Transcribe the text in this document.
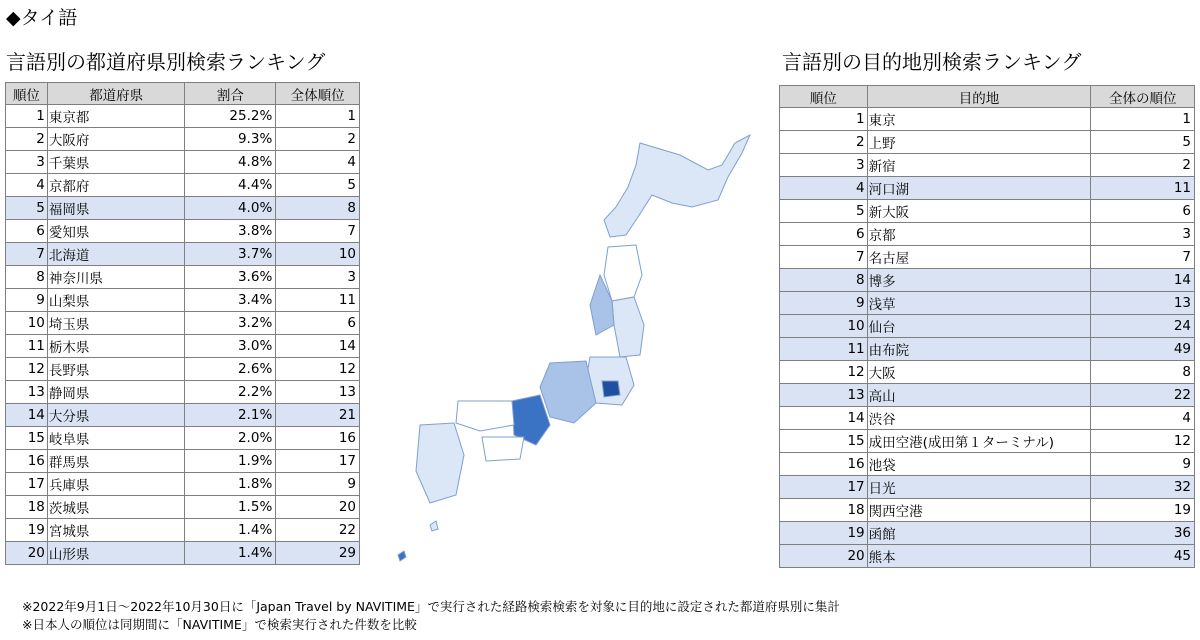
◆タイ語
言語別の都道府県別検索ランキング	言語別の目的地別検索ランキング
順位	都道府県	割合	全体順位
1	東京都	25.2%	1
2	大阪府	9.3%	2
3	千葉県	4.8%	4
4	京都府	4.4%	5
5	福岡県	4.0%	8
6	愛知県	3.8%	7
7	北海道	3.7%	10
8	神奈川県	3.6%	3
9	山梨県	3.4%	11
10	埼玉県	3.2%	6
11	栃木県	3.0%	14
12	長野県	2.6%	12
13	静岡県	2.2%	13
14	大分県	2.1%	21
15	岐阜県	2.0%	16
16	群馬県	1.9%	17
17	兵庫県	1.8%	9
18	茨城県	1.5%	20
19	宮城県	1.4%	22
20	山形県	1.4%	29
順位	目的地	全体の順位
1	東京	1
2	上野	5
3	新宿	2
4	河口湖	11
5	新大阪	6
6	京都	3
7	名古屋	7
8	博多	14
9	浅草	13
10	仙台	24
11	由布院	49
12	大阪	8
13	高山	22
14	渋谷	4
15	成田空港(成田第１ターミナル)	12
16	池袋	9
17	日光	32
18	関西空港	19
19	函館	36
20	熊本	45
※2022年9月1日～2022年10月30日に「Japan Travel by NAVITIME」で実行された経路検索検索を対象に目的地に設定された都道府県別に集計
※日本人の順位は同期間に「NAVITIME」で検索実行された件数を比較
